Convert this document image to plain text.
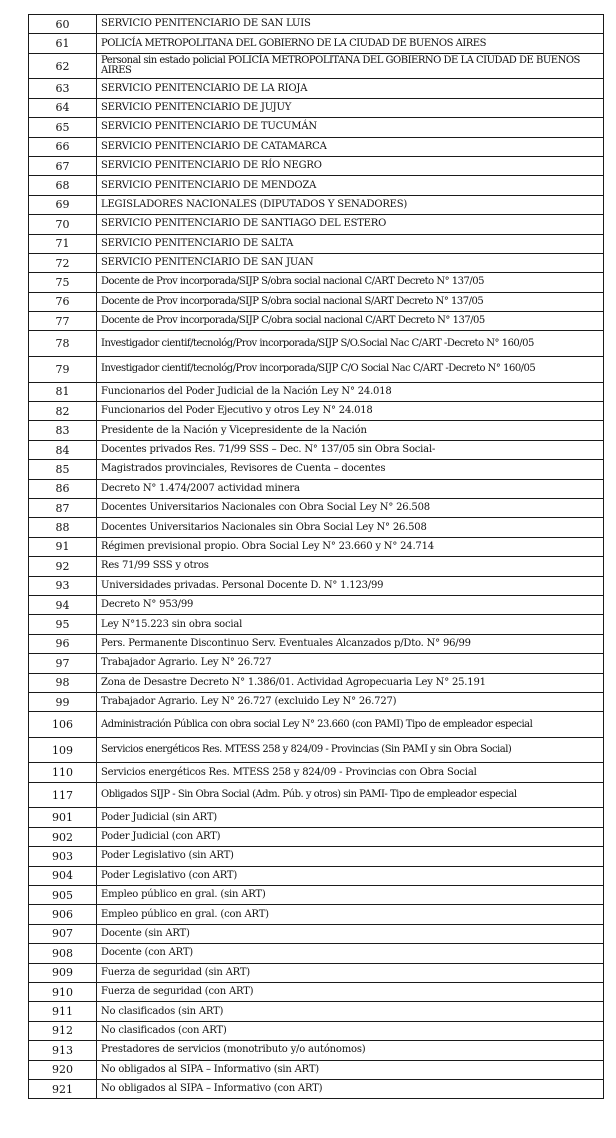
60	SERVICIO PENITENCIARIO DE SAN LUIS
61	POLICÍA METROPOLITANA DEL GOBIERNO DE LA CIUDAD DE BUENOS AIRES
62	Personal sin estado policial POLICÍA METROPOLITANA DEL GOBIERNO DE LA CIUDAD DE BUENOS AIRES
63	SERVICIO PENITENCIARIO DE LA RIOJA
64	SERVICIO PENITENCIARIO DE JUJUY
65	SERVICIO PENITENCIARIO DE TUCUMÁN
66	SERVICIO PENITENCIARIO DE CATAMARCA
67	SERVICIO PENITENCIARIO DE RÍO NEGRO
68	SERVICIO PENITENCIARIO DE MENDOZA
69	LEGISLADORES NACIONALES (DIPUTADOS Y SENADORES)
70	SERVICIO PENITENCIARIO DE SANTIAGO DEL ESTERO
71	SERVICIO PENITENCIARIO DE SALTA
72	SERVICIO PENITENCIARIO DE SAN JUAN
75	Docente de Prov incorporada/SIJP S/obra social nacional C/ART Decreto N° 137/05
76	Docente de Prov incorporada/SIJP S/obra social nacional S/ART Decreto N° 137/05
77	Docente de Prov incorporada/SIJP C/obra social nacional C/ART Decreto N° 137/05
78	Investigador cientif/tecnológ/Prov incorporada/SIJP S/O.Social Nac C/ART -Decreto N° 160/05
79	Investigador cientif/tecnológ/Prov incorporada/SIJP C/O Social Nac C/ART -Decreto N° 160/05
81	Funcionarios del Poder Judicial de la Nación Ley N° 24.018
82	Funcionarios del Poder Ejecutivo y otros Ley N° 24.018
83	Presidente de la Nación y Vicepresidente de la Nación
84	Docentes privados Res. 71/99 SSS – Dec. N° 137/05 sin Obra Social-
85	Magistrados provinciales, Revisores de Cuenta – docentes
86	Decreto N° 1.474/2007 actividad minera
87	Docentes Universitarios Nacionales con Obra Social Ley N° 26.508
88	Docentes Universitarios Nacionales sin Obra Social Ley N° 26.508
91	Régimen previsional propio. Obra Social Ley N° 23.660 y N° 24.714
92	Res 71/99 SSS y otros
93	Universidades privadas. Personal Docente D. N° 1.123/99
94	Decreto N° 953/99
95	Ley N°15.223 sin obra social
96	Pers. Permanente Discontinuo Serv. Eventuales Alcanzados p/Dto. N° 96/99
97	Trabajador Agrario. Ley N° 26.727
98	Zona de Desastre Decreto N° 1.386/01. Actividad Agropecuaria Ley N° 25.191
99	Trabajador Agrario. Ley N° 26.727 (excluido Ley N° 26.727)
106	Administración Pública con obra social Ley N° 23.660 (con PAMI) Tipo de empleador especial
109	Servicios energéticos Res. MTESS 258 y 824/09 - Provincias (Sin PAMI y sin Obra Social)
110	Servicios energéticos Res. MTESS 258 y 824/09 - Provincias con Obra Social
117	Obligados SIJP - Sin Obra Social (Adm. Púb. y otros) sin PAMI- Tipo de empleador especial
901	Poder Judicial (sin ART)
902	Poder Judicial (con ART)
903	Poder Legislativo (sin ART)
904	Poder Legislativo (con ART)
905	Empleo público en gral. (sin ART)
906	Empleo público en gral. (con ART)
907	Docente (sin ART)
908	Docente (con ART)
909	Fuerza de seguridad (sin ART)
910	Fuerza de seguridad (con ART)
911	No clasificados (sin ART)
912	No clasificados (con ART)
913	Prestadores de servicios (monotributo y/o autónomos)
920	No obligados al SIPA – Informativo (sin ART)
921	No obligados al SIPA – Informativo (con ART)
